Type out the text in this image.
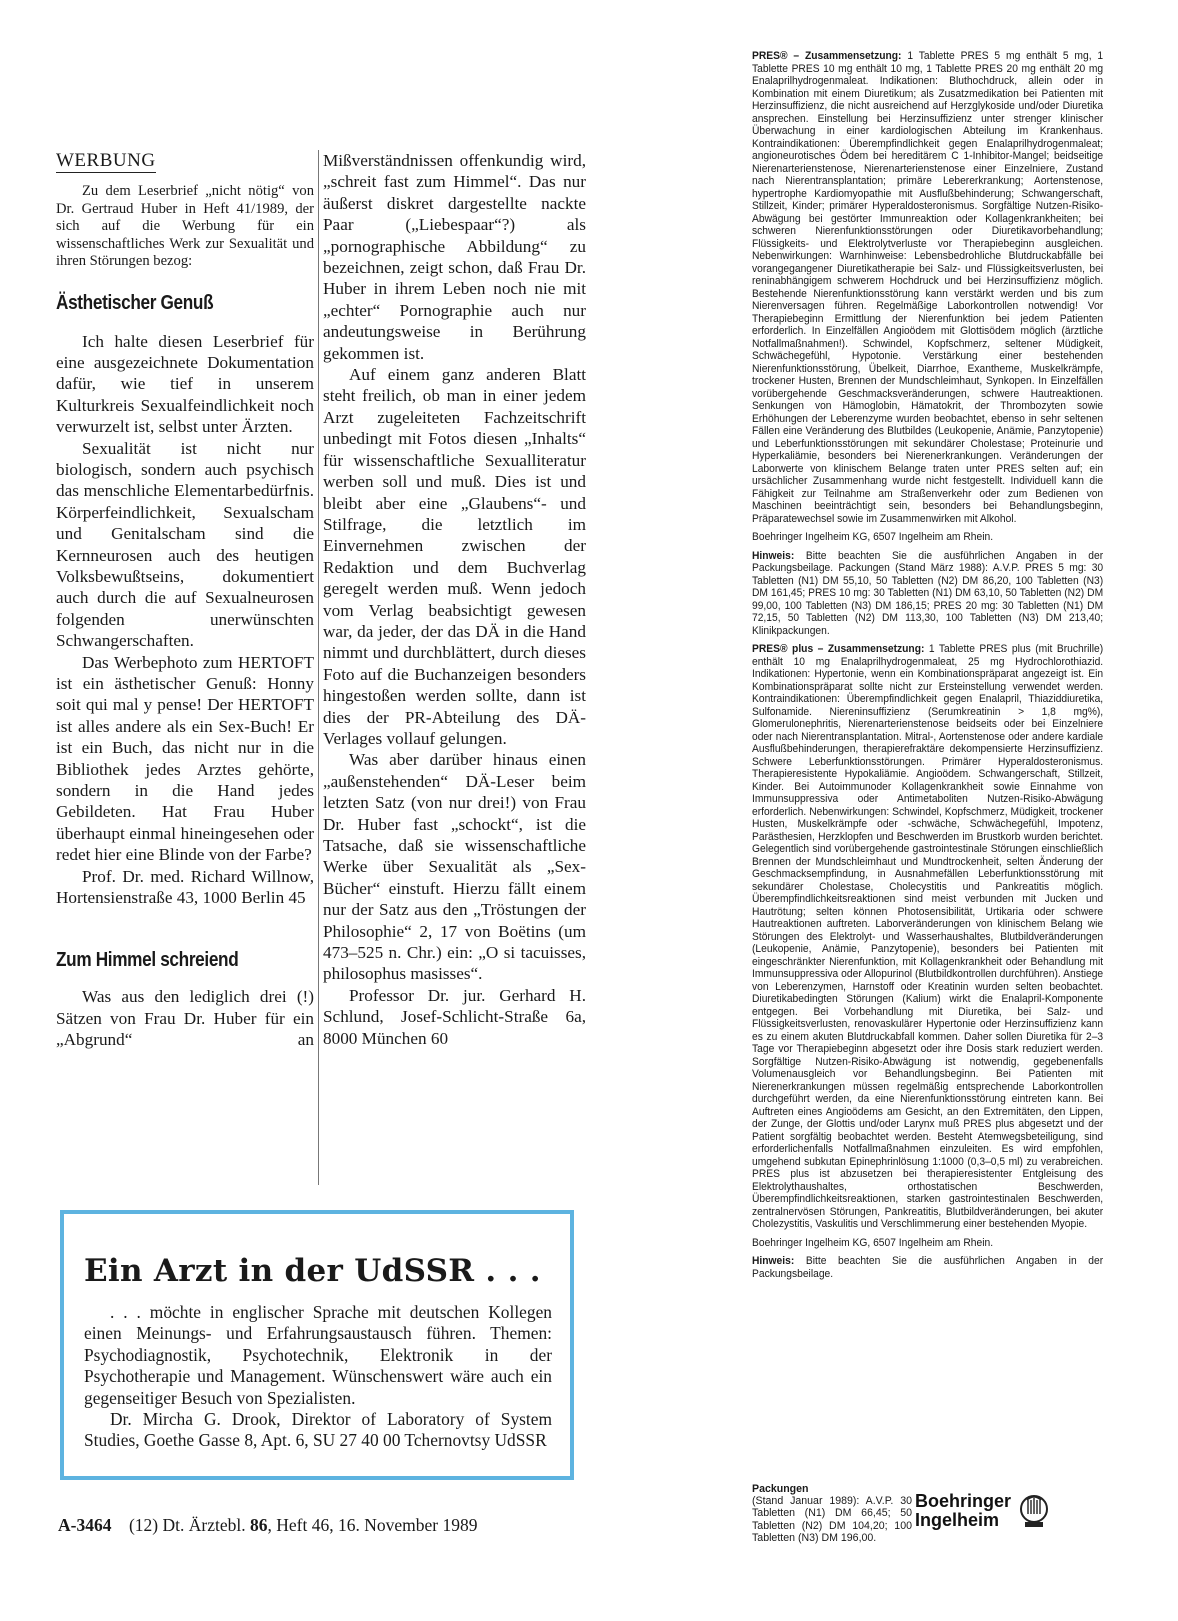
WERBUNG

Zu dem Leserbrief „nicht nötig“ von Dr. Gertraud Huber in Heft 41/1989, der sich auf die Werbung für ein wissenschaftliches Werk zur Sexualität und ihren Störungen bezog:

Ästhetischer Genuß

Ich halte diesen Leserbrief für eine ausgezeichnete Dokumentation dafür, wie tief in unserem Kulturkreis Sexualfeindlichkeit noch verwurzelt ist, selbst unter Ärzten.

Sexualität ist nicht nur biologisch, sondern auch psychisch das menschliche Elementarbedürfnis. Körperfeindlichkeit, Sexualscham und Genitalscham sind die Kernneurosen auch des heutigen Volksbewußtseins, dokumentiert auch durch die auf Sexualneurosen folgenden unerwünschten Schwangerschaften.

Das Werbephoto zum HERTOFT ist ein ästhetischer Genuß: Honny soit qui mal y pense! Der HERTOFT ist alles andere als ein Sex-Buch! Er ist ein Buch, das nicht nur in die Bibliothek jedes Arztes gehörte, sondern in die Hand jedes Gebildeten. Hat Frau Huber überhaupt einmal hineingesehen oder redet hier eine Blinde von der Farbe?

Prof. Dr. med. Richard Willnow, Hortensienstraße 43, 1000 Berlin 45

Zum Himmel schreiend

Was aus den lediglich drei (!) Sätzen von Frau Dr. Huber für ein „Abgrund“ an

Mißverständnissen offenkundig wird, „schreit fast zum Himmel“. Das nur äußerst diskret dargestellte nackte Paar („Liebespaar“?) als „pornographische Abbildung“ zu bezeichnen, zeigt schon, daß Frau Dr. Huber in ihrem Leben noch nie mit „echter“ Pornographie auch nur andeutungsweise in Berührung gekommen ist.

Auf einem ganz anderen Blatt steht freilich, ob man in einer jedem Arzt zugeleiteten Fachzeitschrift unbedingt mit Fotos diesen „Inhalts“ für wissenschaftliche Sexualliteratur werben soll und muß. Dies ist und bleibt aber eine „Glaubens“- und Stilfrage, die letztlich im Einvernehmen zwischen der Redaktion und dem Buchverlag geregelt werden muß. Wenn jedoch vom Verlag beabsichtigt gewesen war, da jeder, der das DÄ in die Hand nimmt und durchblättert, durch dieses Foto auf die Buchanzeigen besonders hingestoßen werden sollte, dann ist dies der PR-Abteilung des DÄ-Verlages vollauf gelungen.

Was aber darüber hinaus einen „außenstehenden“ DÄ-Leser beim letzten Satz (von nur drei!) von Frau Dr. Huber fast „schockt“, ist die Tatsache, daß sie wissenschaftliche Werke über Sexualität als „Sex-Bücher“ einstuft. Hierzu fällt einem nur der Satz aus den „Tröstungen der Philosophie“ 2, 17 von Boëtins (um 473–525 n. Chr.) ein: „O si tacuisses, philosophus masisses“.

Professor Dr. jur. Gerhard H. Schlund, Josef-Schlicht-Straße 6a, 8000 München 60

Ein Arzt in der UdSSR . . .

. . . möchte in englischer Sprache mit deutschen Kollegen einen Meinungs- und Erfahrungsaustausch führen. Themen: Psychodiagnostik, Psychotechnik, Elektronik in der Psychotherapie und Management. Wünschenswert wäre auch ein gegenseitiger Besuch von Spezialisten.

Dr. Mircha G. Drook, Direktor of Laboratory of System Studies, Goethe Gasse 8, Apt. 6, SU 27 40 00 Tchernovtsy UdSSR

A-3464 (12) Dt. Ärztebl. 86, Heft 46, 16. November 1989

PRES® – Zusammensetzung: 1 Tablette PRES 5 mg enthält 5 mg, 1 Tablette PRES 10 mg enthält 10 mg, 1 Tablette PRES 20 mg enthält 20 mg Enalaprilhydrogenmaleat. Indikationen: Bluthochdruck, allein oder in Kombination mit einem Diuretikum; als Zusatzmedikation bei Patienten mit Herzinsuffizienz, die nicht ausreichend auf Herzglykoside und/oder Diuretika ansprechen. Einstellung bei Herzinsuffizienz unter strenger klinischer Überwachung in einer kardiologischen Abteilung im Krankenhaus. Kontraindikationen: Überempfindlichkeit gegen Enalaprilhydrogenmaleat; angioneurotisches Ödem bei hereditärem C 1-Inhibitor-Mangel; beidseitige Nierenarterienstenose, Nierenarterienstenose einer Einzelniere, Zustand nach Nierentransplantation; primäre Lebererkrankung; Aortenstenose, hypertrophe Kardiomyopathie mit Ausflußbehinderung; Schwangerschaft, Stillzeit, Kinder; primärer Hyperaldosteronismus. Sorgfältige Nutzen-Risiko-Abwägung bei gestörter Immunreaktion oder Kollagenkrankheiten; bei schweren Nierenfunktionsstörungen oder Diuretikavorbehandlung; Flüssigkeits- und Elektrolytverluste vor Therapiebeginn ausgleichen. Nebenwirkungen: Warnhinweise: Lebensbedrohliche Blutdruckabfälle bei vorangegangener Diuretikatherapie bei Salz- und Flüssigkeitsverlusten, bei reninabhängigem schwerem Hochdruck und bei Herzinsuffizienz möglich. Bestehende Nierenfunktionsstörung kann verstärkt werden und bis zum Nierenversagen führen. Regelmäßige Laborkontrollen notwendig! Vor Therapiebeginn Ermittlung der Nierenfunktion bei jedem Patienten erforderlich. In Einzelfällen Angioödem mit Glottisödem möglich (ärztliche Notfallmaßnahmen!). Schwindel, Kopfschmerz, seltener Müdigkeit, Schwächegefühl, Hypotonie. Verstärkung einer bestehenden Nierenfunktionsstörung, Übelkeit, Diarrhoe, Exantheme, Muskelkrämpfe, trockener Husten, Brennen der Mundschleimhaut, Synkopen. In Einzelfällen vorübergehende Geschmacksveränderungen, schwere Hautreaktionen. Senkungen von Hämoglobin, Hämatokrit, der Thrombozyten sowie Erhöhungen der Leberenzyme wurden beobachtet, ebenso in sehr seltenen Fällen eine Veränderung des Blutbildes (Leukopenie, Anämie, Panzytopenie) und Leberfunktionsstörungen mit sekundärer Cholestase; Proteinurie und Hyperkaliämie, besonders bei Nierenerkrankungen. Veränderungen der Laborwerte von klinischem Belange traten unter PRES selten auf; ein ursächlicher Zusammenhang wurde nicht festgestellt. Individuell kann die Fähigkeit zur Teilnahme am Straßenverkehr oder zum Bedienen von Maschinen beeinträchtigt sein, besonders bei Behandlungsbeginn, Präparatewechsel sowie im Zusammenwirken mit Alkohol.

Boehringer Ingelheim KG, 6507 Ingelheim am Rhein.

Hinweis: Bitte beachten Sie die ausführlichen Angaben in der Packungsbeilage. Packungen (Stand März 1988): A.V.P. PRES 5 mg: 30 Tabletten (N1) DM 55,10, 50 Tabletten (N2) DM 86,20, 100 Tabletten (N3) DM 161,45; PRES 10 mg: 30 Tabletten (N1) DM 63,10, 50 Tabletten (N2) DM 99,00, 100 Tabletten (N3) DM 186,15; PRES 20 mg: 30 Tabletten (N1) DM 72,15, 50 Tabletten (N2) DM 113,30, 100 Tabletten (N3) DM 213,40; Klinikpackungen.

PRES® plus – Zusammensetzung: 1 Tablette PRES plus (mit Bruchrille) enthält 10 mg Enalaprilhydrogenmaleat, 25 mg Hydrochlorothiazid. Indikationen: Hypertonie, wenn ein Kombinationspräparat angezeigt ist. Ein Kombinationspräparat sollte nicht zur Ersteinstellung verwendet werden. Kontraindikationen: Überempfindlichkeit gegen Enalapril, Thiaziddiuretika, Sulfonamide. Niereninsuffizienz (Serumkreatinin > 1,8 mg%), Glomerulonephritis, Nierenarterienstenose beidseits oder bei Einzelniere oder nach Nierentransplantation. Mitral-, Aortenstenose oder andere kardiale Ausflußbehinderungen, therapierefraktäre dekompensierte Herzinsuffizienz. Schwere Leberfunktionsstörungen. Primärer Hyperaldosteronismus. Therapieresistente Hypokaliämie. Angioödem. Schwangerschaft, Stillzeit, Kinder. Bei Autoimmunoder Kollagenkrankheit sowie Einnahme von Immunsuppressiva oder Antimetaboliten Nutzen-Risiko-Abwägung erforderlich. Nebenwirkungen: Schwindel, Kopfschmerz, Müdigkeit, trockener Husten, Muskelkrämpfe oder -schwäche, Schwächegefühl, Impotenz, Parästhesien, Herzklopfen und Beschwerden im Brustkorb wurden berichtet. Gelegentlich sind vorübergehende gastrointestinale Störungen einschließlich Brennen der Mundschleimhaut und Mundtrockenheit, selten Änderung der Geschmacksempfindung, in Ausnahmefällen Leberfunktionsstörung mit sekundärer Cholestase, Cholecystitis und Pankreatitis möglich. Überempfindlichkeitsreaktionen sind meist verbunden mit Jucken und Hautrötung; selten können Photosensibilität, Urtikaria oder schwere Hautreaktionen auftreten. Laborveränderungen von klinischem Belang wie Störungen des Elektrolyt- und Wasserhaushaltes, Blutbildveränderungen (Leukopenie, Anämie, Panzytopenie), besonders bei Patienten mit eingeschränkter Nierenfunktion, mit Kollagenkrankheit oder Behandlung mit Immunsuppressiva oder Allopurinol (Blutbildkontrollen durchführen). Anstiege von Leberenzymen, Harnstoff oder Kreatinin wurden selten beobachtet. Diuretikabedingten Störungen (Kalium) wirkt die Enalapril-Komponente entgegen. Bei Vorbehandlung mit Diuretika, bei Salz- und Flüssigkeitsverlusten, renovaskulärer Hypertonie oder Herzinsuffizienz kann es zu einem akuten Blutdruckabfall kommen. Daher sollen Diuretika für 2–3 Tage vor Therapiebeginn abgesetzt oder ihre Dosis stark reduziert werden. Sorgfältige Nutzen-Risiko-Abwägung ist notwendig, gegebenenfalls Volumenausgleich vor Behandlungsbeginn. Bei Patienten mit Nierenerkrankungen müssen regelmäßig entsprechende Laborkontrollen durchgeführt werden, da eine Nierenfunktionsstörung eintreten kann. Bei Auftreten eines Angioödems am Gesicht, an den Extremitäten, den Lippen, der Zunge, der Glottis und/oder Larynx muß PRES plus abgesetzt und der Patient sorgfältig beobachtet werden. Besteht Atemwegsbeteiligung, sind erforderlichenfalls Notfallmaßnahmen einzuleiten. Es wird empfohlen, umgehend subkutan Epinephrinlösung 1:1000 (0,3–0,5 ml) zu verabreichen. PRES plus ist abzusetzen bei therapieresistenter Entgleisung des Elektrolythaushaltes, orthostatischen Beschwerden, Überempfindlichkeitsreaktionen, starken gastrointestinalen Beschwerden, zentralnervösen Störungen, Pankreatitis, Blutbildveränderungen, bei akuter Cholezystitis, Vaskulitis und Verschlimmerung einer bestehenden Myopie.

Boehringer Ingelheim KG, 6507 Ingelheim am Rhein.

Hinweis: Bitte beachten Sie die ausführlichen Angaben in der Packungsbeilage.

Packungen
(Stand Januar 1989): A.V.P. 30 Tabletten (N1) DM 66,45; 50 Tabletten (N2) DM 104,20; 100 Tabletten (N3) DM 196,00.
Boehringer
Ingelheim
